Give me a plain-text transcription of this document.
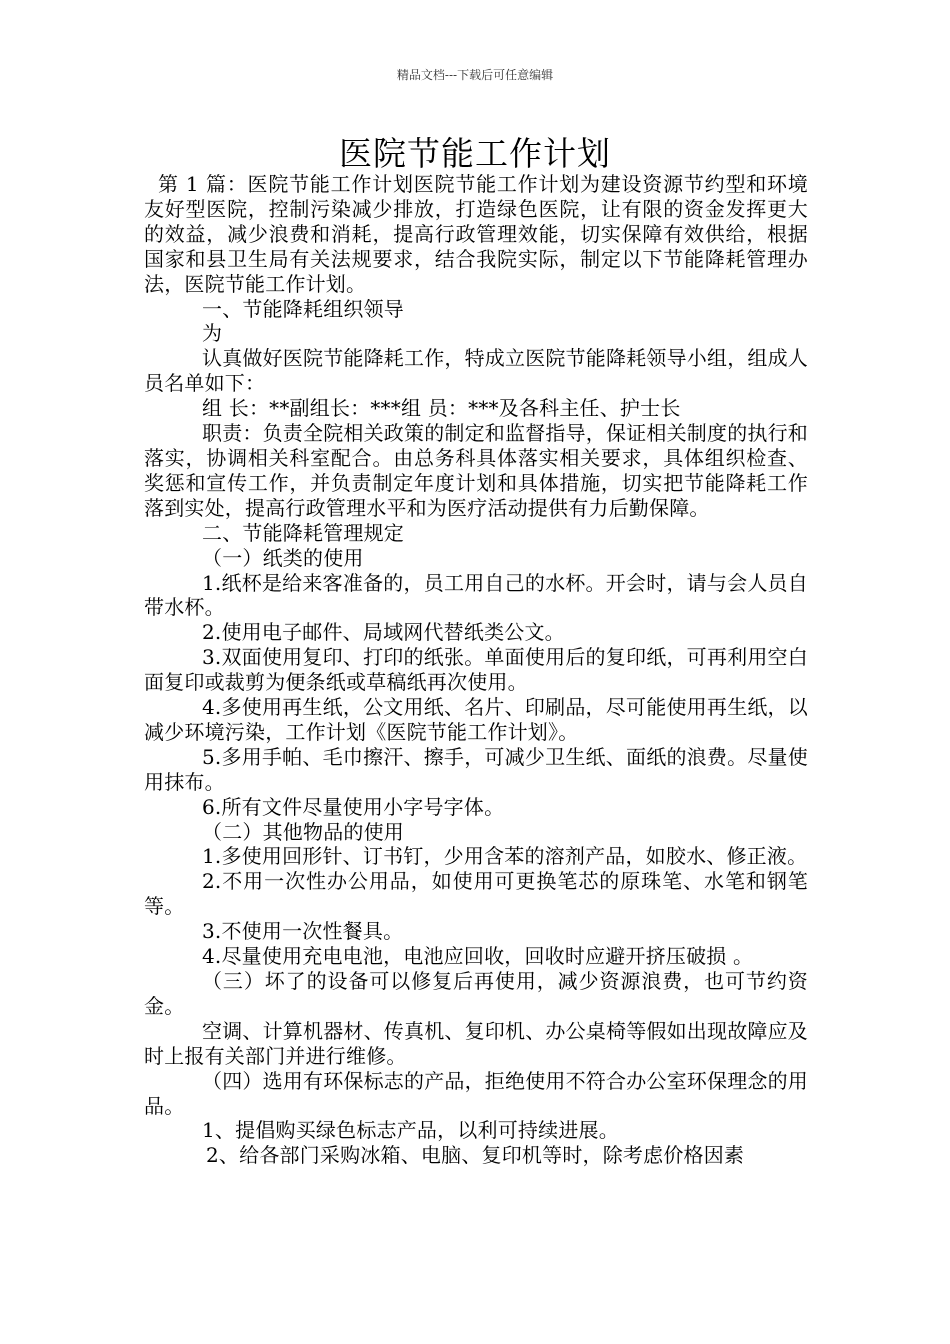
精品文档---下载后可任意编辑
医院节能工作计划

第 1 篇：医院节能工作计划医院节能工作计划为建设资源节约型和环境友好型医院，控制污染减少排放，打造绿色医院，让有限的资金发挥更大的效益，减少浪费和消耗，提高行政管理效能，切实保障有效供给，根据国家和县卫生局有关法规要求，结合我院实际，制定以下节能降耗管理办法，医院节能工作计划。

一、节能降耗组织领导

为

认真做好医院节能降耗工作，特成立医院节能降耗领导小组，组成人员名单如下：

组 长：**副组长：***组 员：***及各科主任、护士长

职责：负责全院相关政策的制定和监督指导，保证相关制度的执行和落实，协调相关科室配合。由总务科具体落实相关要求，具体组织检查、奖惩和宣传工作，并负责制定年度计划和具体措施，切实把节能降耗工作落到实处，提高行政管理水平和为医疗活动提供有力后勤保障。

二、节能降耗管理规定

（一）纸类的使用

1.纸杯是给来客准备的，员工用自己的水杯。开会时，请与会人员自带水杯。

2.使用电子邮件、局域网代替纸类公文。

3.双面使用复印、打印的纸张。单面使用后的复印纸，可再利用空白面复印或裁剪为便条纸或草稿纸再次使用。

4.多使用再生纸，公文用纸、名片、印刷品，尽可能使用再生纸，以减少环境污染，工作计划《医院节能工作计划》。

5.多用手帕、毛巾擦汗、擦手，可减少卫生纸、面纸的浪费。尽量使用抹布。

6.所有文件尽量使用小字号字体。

（二）其他物品的使用

1.多使用回形针、订书钉，少用含苯的溶剂产品，如胶水、修正液。

2.不用一次性办公用品，如使用可更换笔芯的原珠笔、水笔和钢笔等。

3.不使用一次性餐具。

4.尽量使用充电电池，电池应回收，回收时应避开挤压破损 。

（三）坏了的设备可以修复后再使用，减少资源浪费，也可节约资金。

空调、计算机器材、传真机、复印机、办公桌椅等假如出现故障应及时上报有关部门并进行维修。

（四）选用有环保标志的产品，拒绝使用不符合办公室环保理念的用品。

1、提倡购买绿色标志产品，以利可持续进展。

2、给各部门采购冰箱、电脑、复印机等时，除考虑价格因素
